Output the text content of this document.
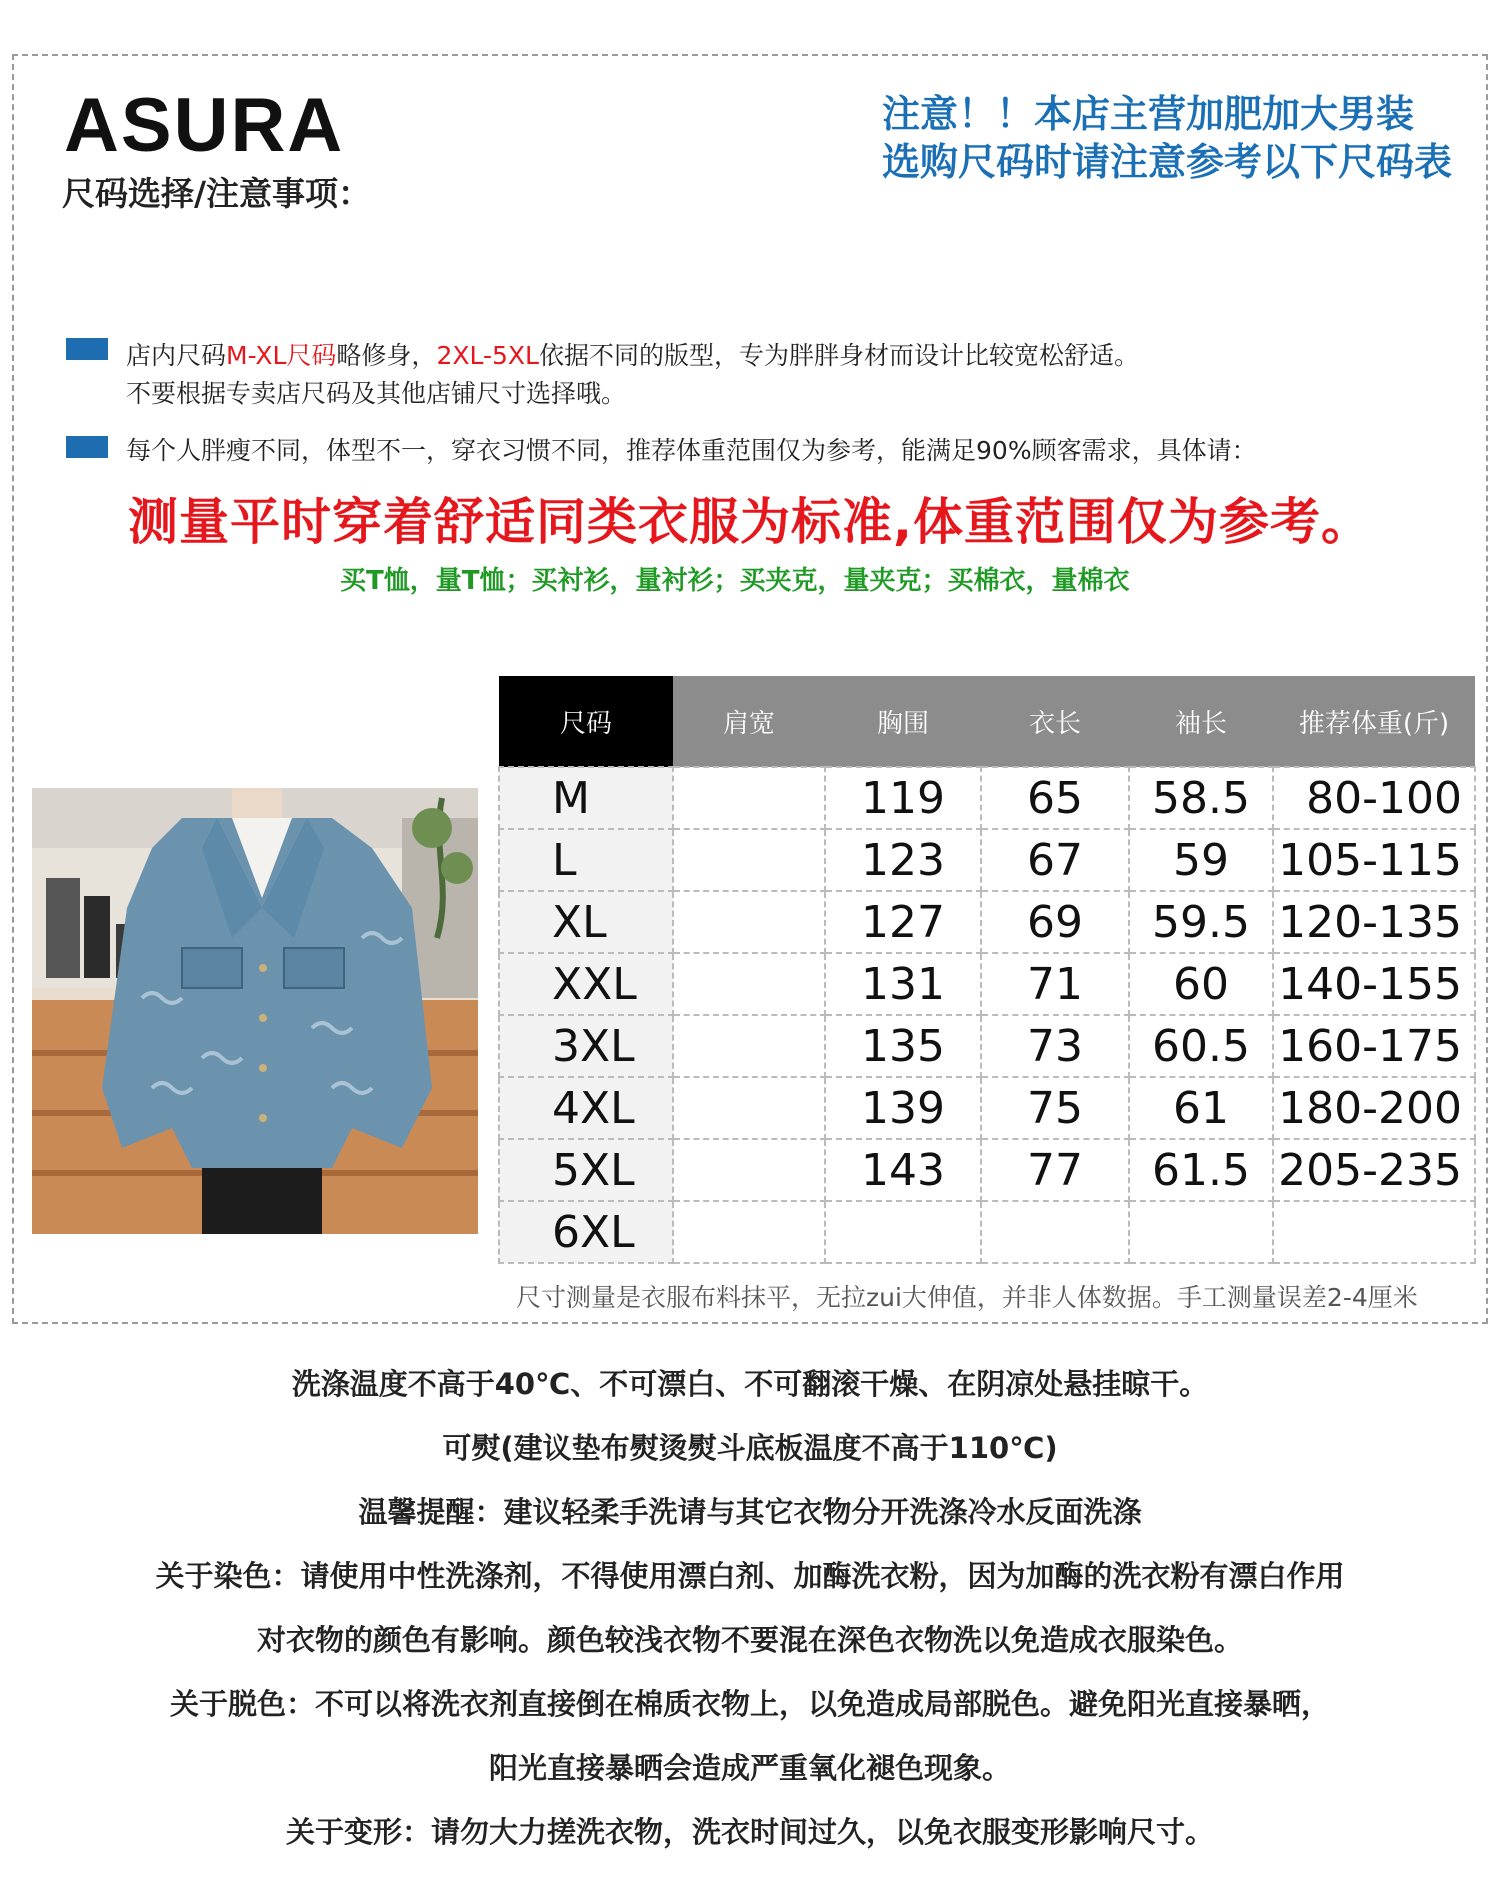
ASURA
尺码选择/注意事项：
注意！！本店主营加肥加大男装
选购尺码时请注意参考以下尺码表
店内尺码M-XL尺码略修身，2XL-5XL依据不同的版型，专为胖胖身材而设计比较宽松舒适。
不要根据专卖店尺码及其他店铺尺寸选择哦。
每个人胖瘦不同，体型不一，穿衣习惯不同，推荐体重范围仅为参考，能满足90%顾客需求，具体请：
测量平时穿着舒适同类衣服为标准,体重范围仅为参考。
买T恤，量T恤；买衬衫，量衬衫；买夹克，量夹克；买棉衣，量棉衣
尺码	肩宽	胸围	衣长	袖长	推荐体重(斤)
M		119	65	58.5	80-100
L		123	67	59	105-115
XL		127	69	59.5	120-135
XXL		131	71	60	140-155
3XL		135	73	60.5	160-175
4XL		139	75	61	180-200
5XL		143	77	61.5	205-235
6XL					
尺寸测量是衣服布料抹平，无拉zui大伸值，并非人体数据。手工测量误差2-4厘米
洗涤温度不高于40℃、不可漂白、不可翻滚干燥、在阴凉处悬挂晾干。
可熨(建议垫布熨烫熨斗底板温度不高于110℃)
温馨提醒：建议轻柔手洗请与其它衣物分开洗涤冷水反面洗涤
关于染色：请使用中性洗涤剂，不得使用漂白剂、加酶洗衣粉，因为加酶的洗衣粉有漂白作用
对衣物的颜色有影响。颜色较浅衣物不要混在深色衣物洗以免造成衣服染色。
关于脱色：不可以将洗衣剂直接倒在棉质衣物上，以免造成局部脱色。避免阳光直接暴晒，
阳光直接暴晒会造成严重氧化褪色现象。
关于变形：请勿大力搓洗衣物，洗衣时间过久，以免衣服变形影响尺寸。
